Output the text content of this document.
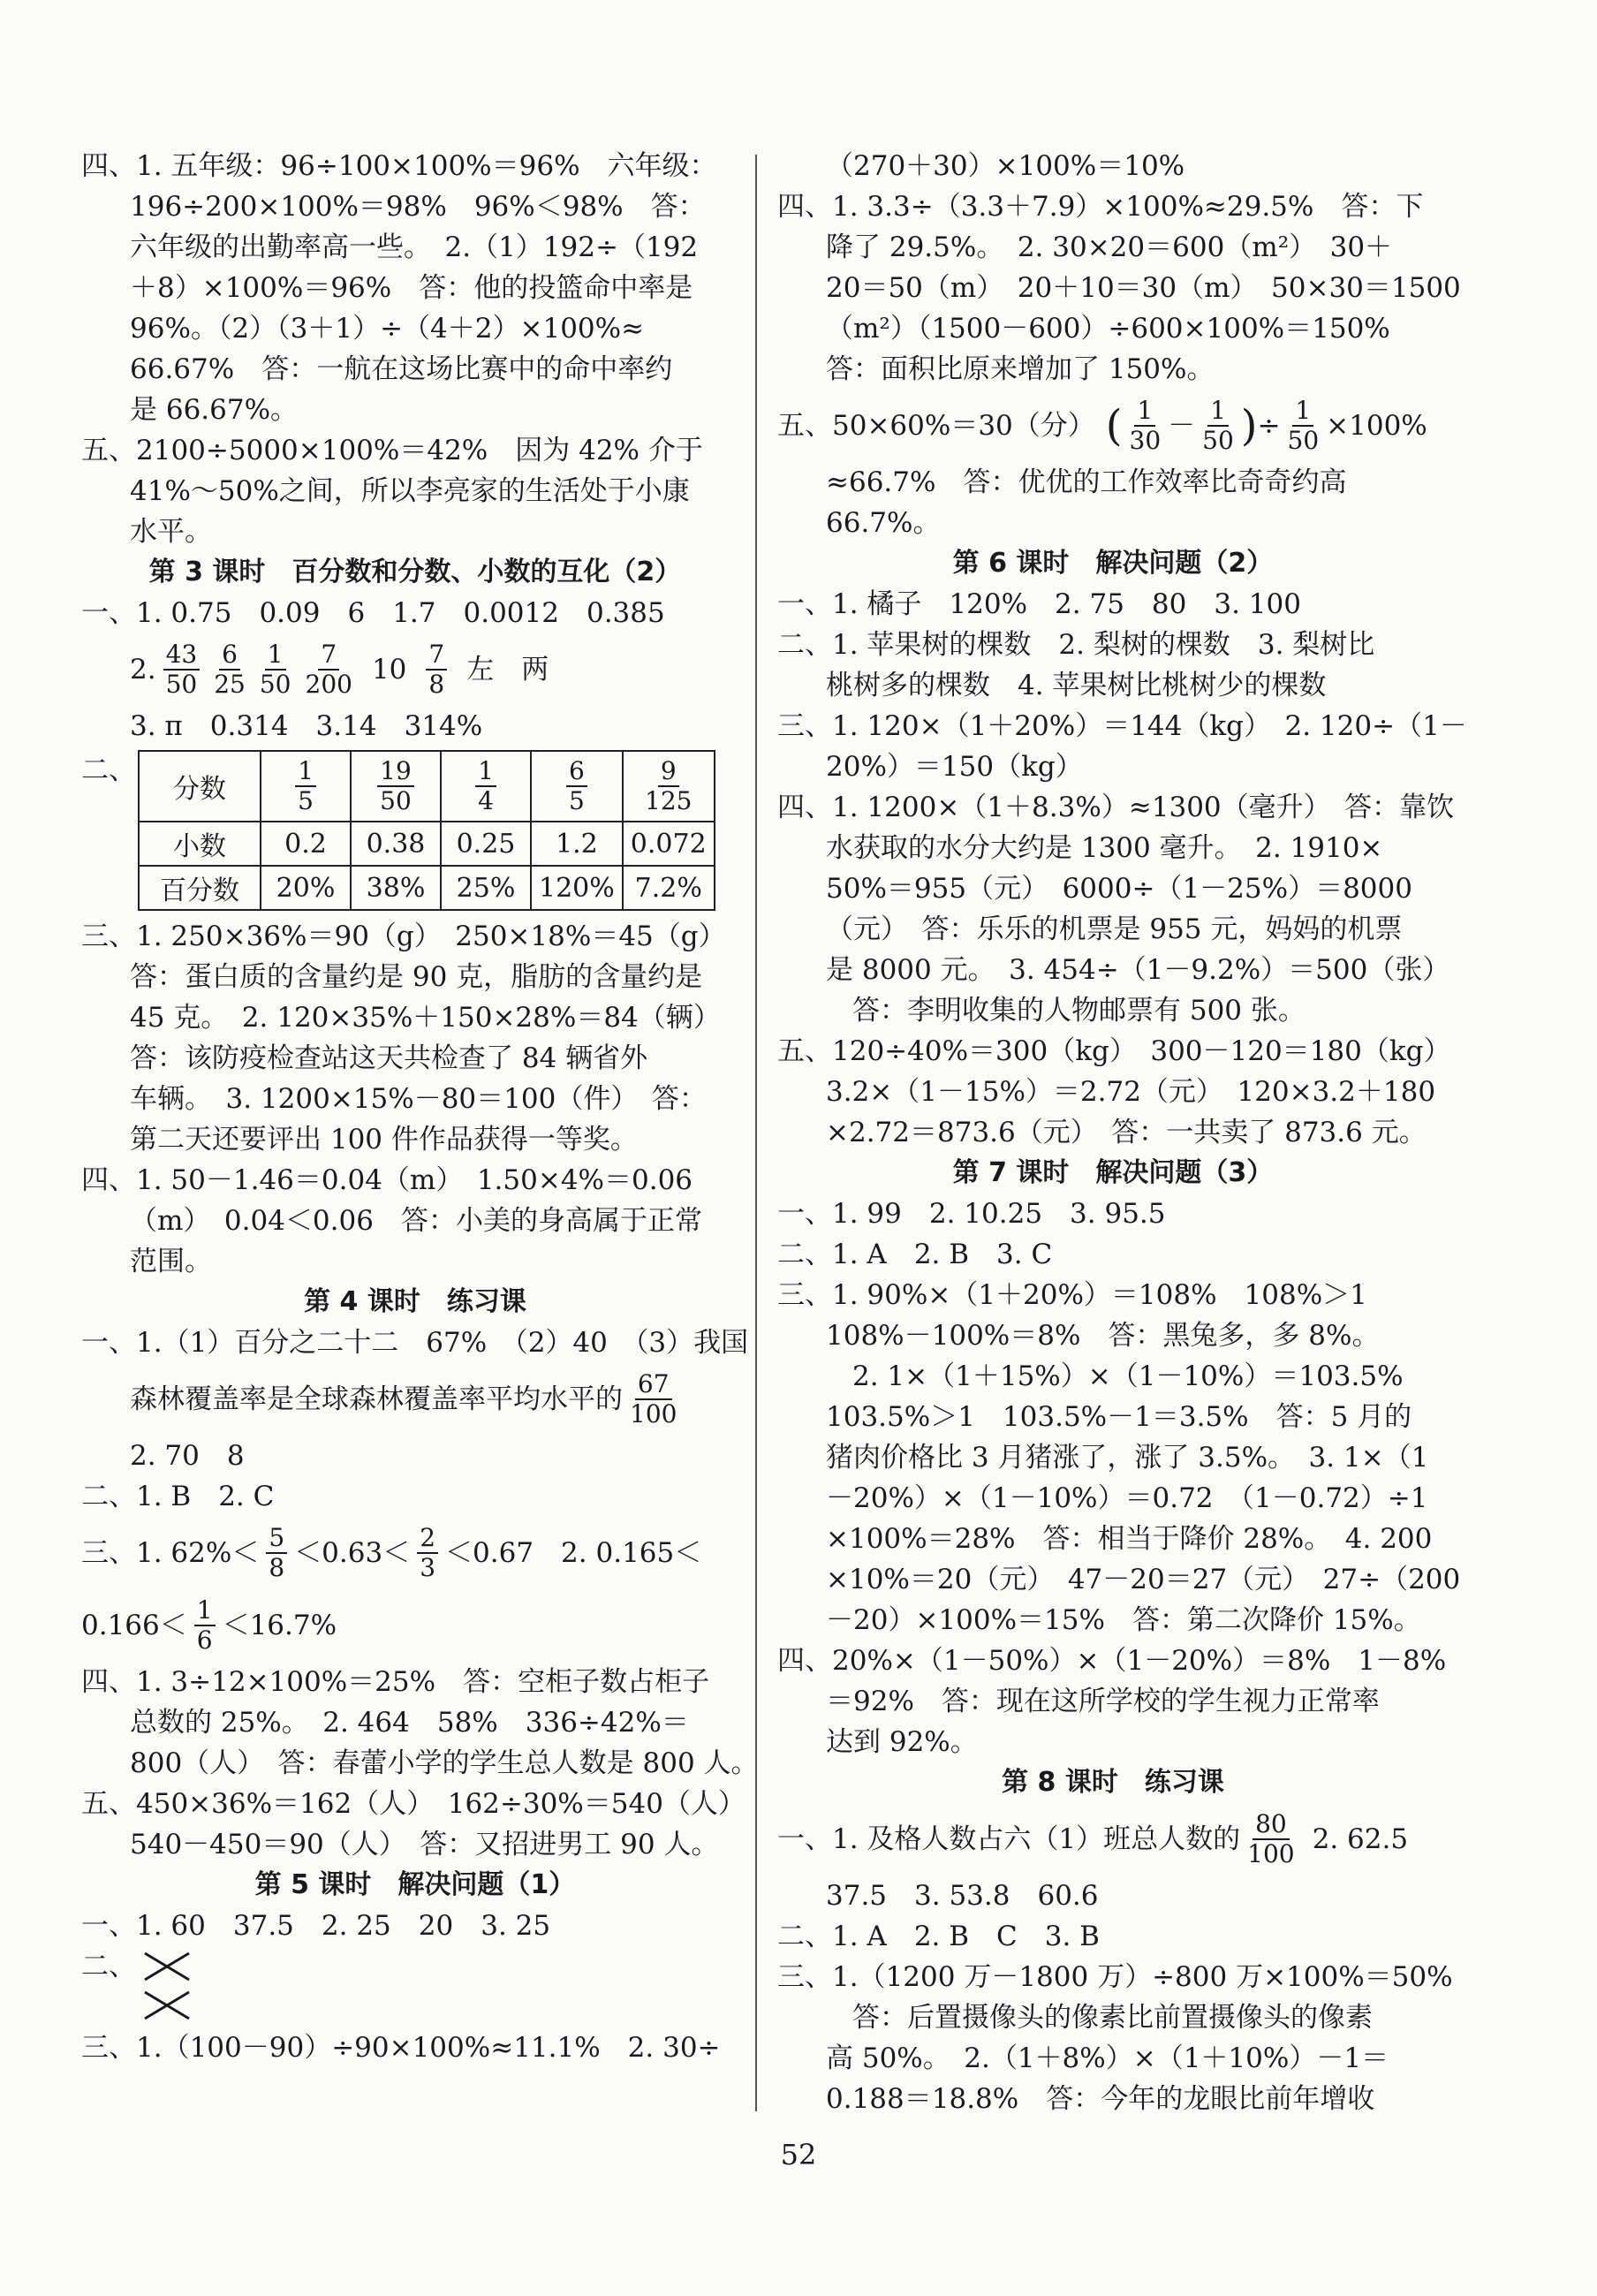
四、1. 五年级：96÷100×100%＝96%　六年级：
196÷200×100%＝98%　96%＜98%　答：
六年级的出勤率高一些。　2.（1）192÷（192
＋8）×100%＝96%　答：他的投篮命中率是
96%。（2）（3＋1）÷（4＋2）×100%≈
66.67%　答：一航在这场比赛中的命中率约
是 66.67%。
五、2100÷5000×100%＝42%　因为 42% 介于
41%～50%之间，所以李亮家的生活处于小康
水平。
第 3 课时　百分数和分数、小数的互化（2）
一、1. 0.75　0.09　6　1.7　0.0012　0.385
2. $\frac{43}{50} \frac{6}{25} \frac{1}{50} \frac{7}{200} 10 \frac{7}{8}$ 左　两
3. π　0.314　3.14　314%
二、
分数	$\frac{1}{5}$	$\frac{19}{50}$	$\frac{1}{4}$	$\frac{6}{5}$	$\frac{9}{125}$

小数	0.2	0.38	0.25	1.2	0.072
百分数	20%	38%	25%	120%	7.2%
三、1. 250×36%＝90（g）　250×18%＝45（g）
答：蛋白质的含量约是 90 克，脂肪的含量约是
45 克。　2. 120×35%＋150×28%＝84（辆）
答：该防疫检查站这天共检查了 84 辆省外
车辆。　3. 1200×15%－80＝100（件）　答：
第二天还要评出 100 件作品获得一等奖。
四、1. 50－1.46＝0.04（m）　1.50×4%＝0.06
（m）　0.04＜0.06　答：小美的身高属于正常
范围。
第 4 课时　练习课
一、1.（1）百分之二十二　67%　（2）40　（3）我国
森林覆盖率是全球森林覆盖率平均水平的 $\frac{67}{100}$
2. 70　8
二、1. B　2. C
三、1. $62\%< \frac{5}{8} <0.63< \frac{2}{3} <0.67$　2. 0.165＜
$0.166< \frac{1}{6} <16.7\%$
四、1. 3÷12×100%＝25%　答：空柜子数占柜子
总数的 25%。　2. 464　58%　336÷42%＝
800（人）　答：春蕾小学的学生总人数是 800 人。
五、450×36%＝162（人）　162÷30%＝540（人）
540－450＝90（人）　答：又招进男工 90 人。
第 5 课时　解决问题（1）
一、1. 60　37.5　2. 25　20　3. 25
二、
三、1.（100－90）÷90×100%≈11.1%　2. 30÷
（270＋30）×100%＝10%
四、1. 3.3÷（3.3＋7.9）×100%≈29.5%　答：下
降了 29.5%。　2. 30×20＝600（m²）　30＋
20＝50（m）　20＋10＝30（m）　50×30＝1500
（m²）（1500－600）÷600×100%＝150%
答：面积比原来增加了 150%。
五、50×60%＝30（分） ( $\frac{1}{30} - \frac{1}{50}$ ) ÷ $\frac{1}{50} \times 100\%$
≈66.7%　答：优优的工作效率比奇奇约高
66.7%。
第 6 课时　解决问题（2）
一、1. 橘子　120%　2. 75　80　3. 100
二、1. 苹果树的棵数　2. 梨树的棵数　3. 梨树比
桃树多的棵数　4. 苹果树比桃树少的棵数
三、1. 120×（1＋20%）＝144（kg）　2. 120÷（1－
20%）＝150（kg）
四、1. 1200×（1＋8.3%）≈1300（毫升）　答：靠饮
水获取的水分大约是 1300 毫升。　2. 1910×
50%＝955（元）　6000÷（1－25%）＝8000
（元）　答：乐乐的机票是 955 元，妈妈的机票
是 8000 元。　3. 454÷（1－9.2%）＝500（张）
答：李明收集的人物邮票有 500 张。
五、120÷40%＝300（kg）　300－120＝180（kg）
3.2×（1－15%）＝2.72（元）　120×3.2＋180
×2.72＝873.6（元）　答：一共卖了 873.6 元。
第 7 课时　解决问题（3）
一、1. 99　2. 10.25　3. 95.5
二、1. A　2. B　3. C
三、1. 90%×（1＋20%）＝108%　108%＞1
108%－100%＝8%　答：黑兔多，多 8%。
2. 1×（1＋15%）×（1－10%）＝103.5%
103.5%＞1　103.5%－1＝3.5%　答：5 月的
猪肉价格比 3 月猪涨了，涨了 3.5%。　3. 1×（1
－20%）×（1－10%）＝0.72　（1－0.72）÷1
×100%＝28%　答：相当于降价 28%。　4. 200
×10%＝20（元）　47－20＝27（元）　27÷（200
－20）×100%＝15%　答：第二次降价 15%。
四、20%×（1－50%）×（1－20%）＝8%　1－8%
＝92%　答：现在这所学校的学生视力正常率
达到 92%。
第 8 课时　练习课
一、1. 及格人数占六（1）班总人数的 $\frac{80}{100} 2$. 62.5
37.5　3. 53.8　60.6
二、1. A　2. B　C　3. B
三、1.（1200 万－1800 万）÷800 万×100%＝50%
答：后置摄像头的像素比前置摄像头的像素
高 50%。　2.（1＋8%）×（1＋10%）－1＝
0.188＝18.8%　答：今年的龙眼比前年增收
52
